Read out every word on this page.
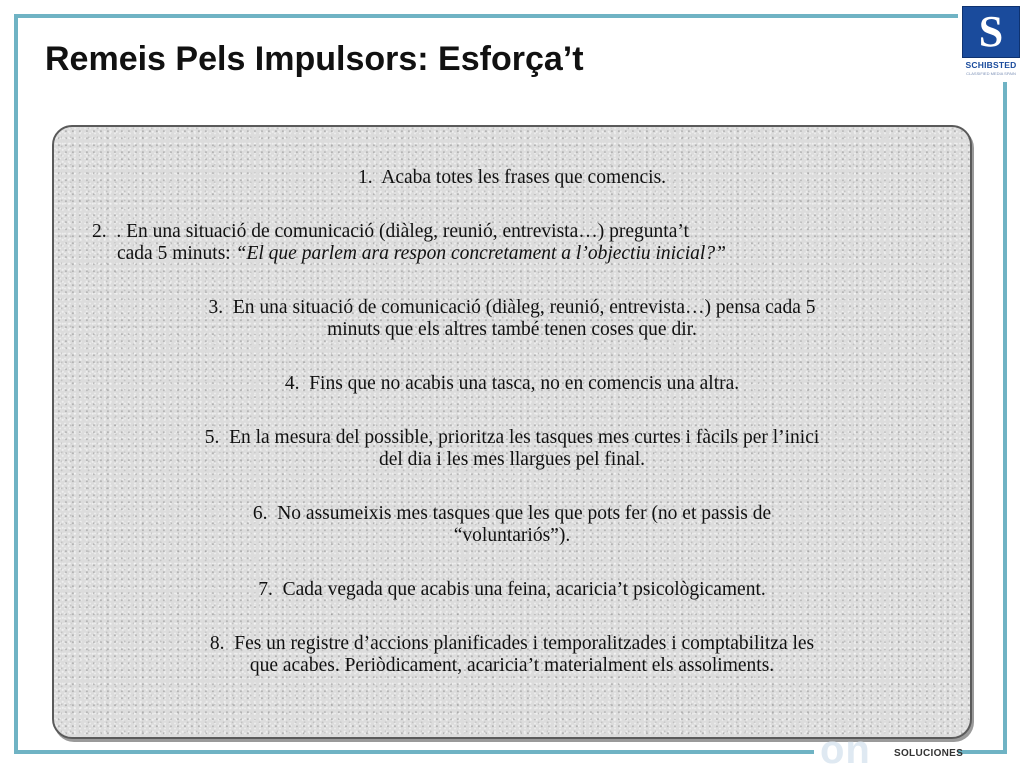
Remeis Pels Impulsors: Esforça’t
S
SCHIBSTED
CLASSIFIED MEDIA SPAIN
1. Acaba totes les frases que comencis.
2. . En una situació de comunicació (diàleg, reunió, entrevista…) pregunta’t
cada 5 minuts: “El que parlem ara respon concretament a l’objectiu inicial?”
3. En una situació de comunicació (diàleg, reunió, entrevista…) pensa cada 5
minuts que els altres també tenen coses que dir.
4. Fins que no acabis una tasca, no en comencis una altra.
5. En la mesura del possible, prioritza les tasques mes curtes i fàcils per l’inici
del dia i les mes llargues pel final.
6. No assumeixis mes tasques que les que pots fer (no et passis de
“voluntariós”).
7. Cada vegada que acabis una feina, acaricia’t psicològicament.
8. Fes un registre d’accions planificades i temporalitzades i comptabilitza les
que acabes. Periòdicament, acaricia’t materialment els assoliments.
on SOLUCIONES
